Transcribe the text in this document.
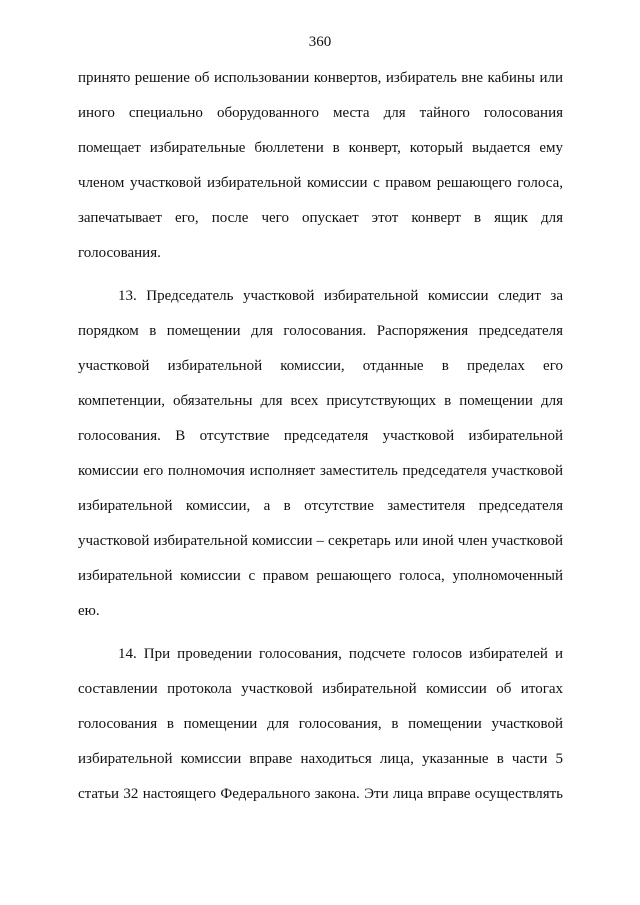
360
принято решение об использовании конвертов, избиратель вне кабины или
иного специально оборудованного места для тайного голосования
помещает избирательные бюллетени в конверт, который выдается ему
членом участковой избирательной комиссии с правом решающего голоса,
запечатывает его, после чего опускает этот конверт в ящик для
голосования.
13. Председатель участковой избирательной комиссии следит за
порядком в помещении для голосования. Распоряжения председателя
участковой избирательной комиссии, отданные в пределах его
компетенции, обязательны для всех присутствующих в помещении для
голосования. В отсутствие председателя участковой избирательной
комиссии его полномочия исполняет заместитель председателя участковой
избирательной комиссии, а в отсутствие заместителя председателя
участковой избирательной комиссии – секретарь или иной член участковой
избирательной комиссии с правом решающего голоса, уполномоченный
ею.
14. При проведении голосования, подсчете голосов избирателей и
составлении протокола участковой избирательной комиссии об итогах
голосования в помещении для голосования, в помещении участковой
избирательной комиссии вправе находиться лица, указанные в части 5
статьи 32 настоящего Федерального закона. Эти лица вправе осуществлять
